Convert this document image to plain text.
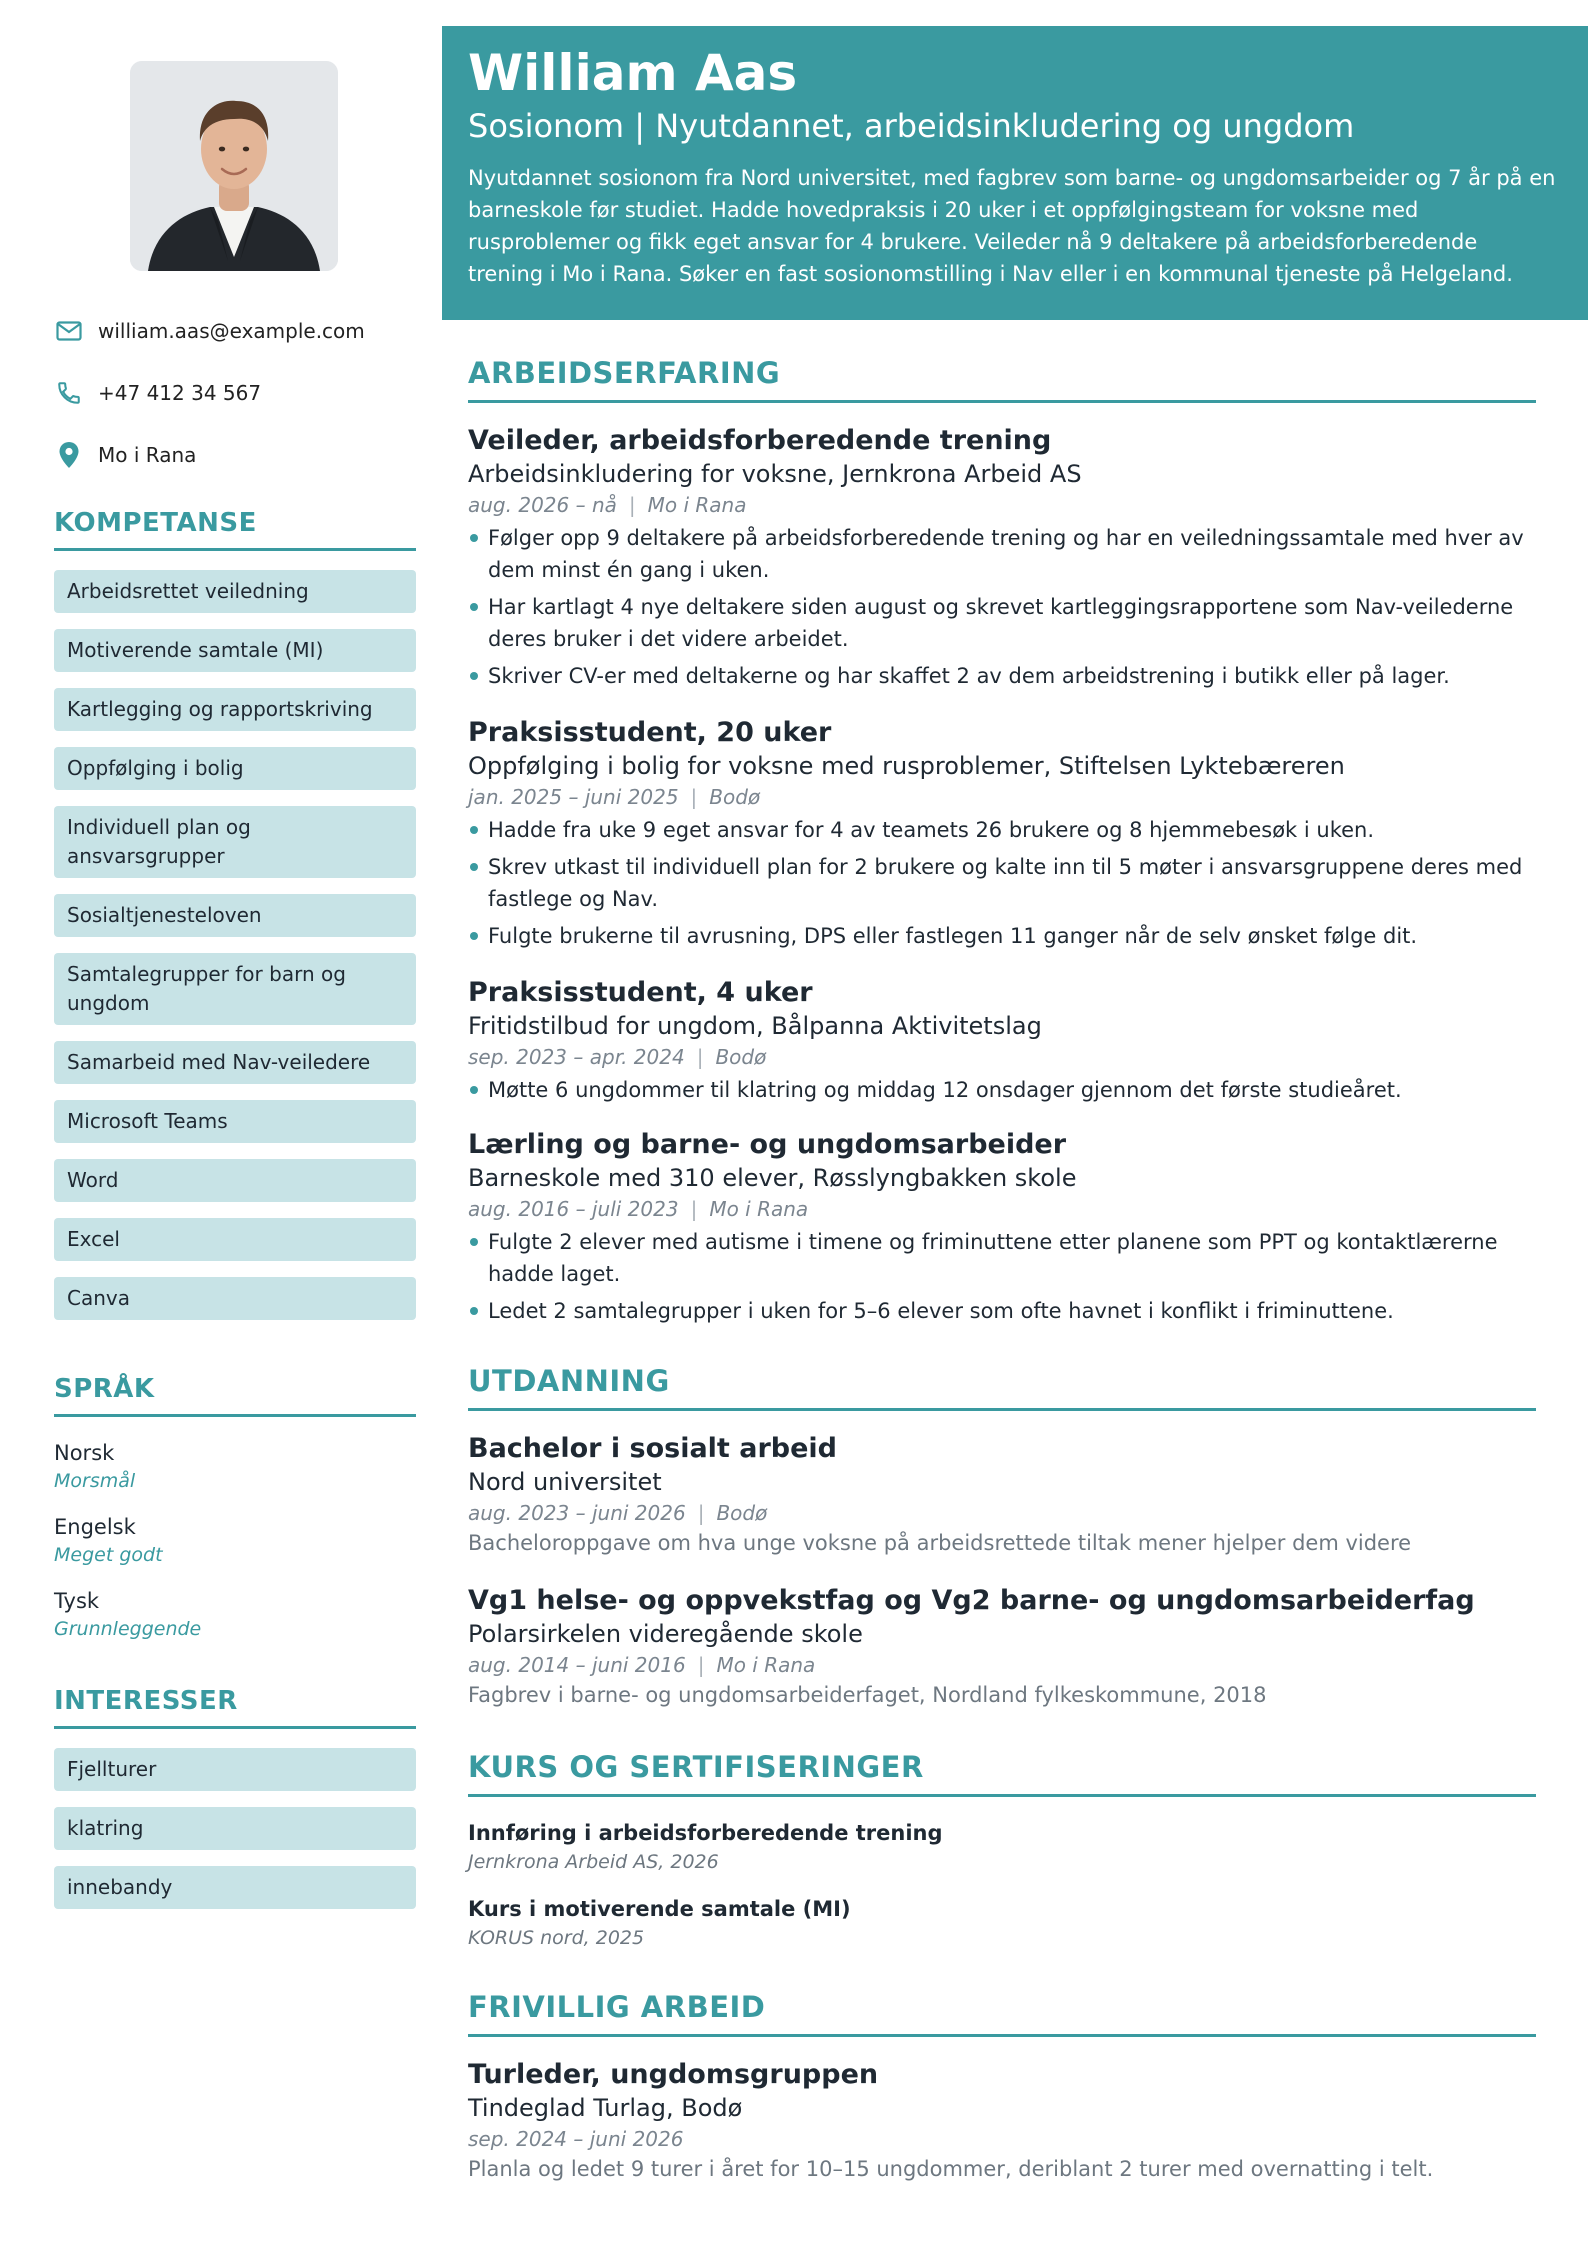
william.aas@example.com
+47 412 34 567
Mo i Rana
KOMPETANSE
Arbeidsrettet veiledning
Motiverende samtale (MI)
Kartlegging og rapportskriving
Oppfølging i bolig
Individuell plan og ansvarsgrupper
Sosialtjenesteloven
Samtalegrupper for barn og ungdom
Samarbeid med Nav-veiledere
Microsoft Teams
Word
Excel
Canva
SPRÅK
Norsk
Morsmål
Engelsk
Meget godt
Tysk
Grunnleggende
INTERESSER
Fjellturer
klatring
innebandy
William Aas
Sosionom | Nyutdannet, arbeidsinkludering og ungdom
Nyutdannet sosionom fra Nord universitet, med fagbrev som barne- og ungdomsarbeider og 7 år på en barneskole før studiet. Hadde hovedpraksis i 20 uker i et oppfølgingsteam for voksne med rusproblemer og fikk eget ansvar for 4 brukere. Veileder nå 9 deltakere på arbeidsforberedende trening i Mo i Rana. Søker en fast sosionomstilling i Nav eller i en kommunal tjeneste på Helgeland.
ARBEIDSERFARING
Veileder, arbeidsforberedende trening
Arbeidsinkludering for voksne, Jernkrona Arbeid AS
aug. 2026 – nå | Mo i Rana
Følger opp 9 deltakere på arbeidsforberedende trening og har en veiledningssamtale med hver av dem minst én gang i uken.
Har kartlagt 4 nye deltakere siden august og skrevet kartleggingsrapportene som Nav-veilederne deres bruker i det videre arbeidet.
Skriver CV-er med deltakerne og har skaffet 2 av dem arbeidstrening i butikk eller på lager.
Praksisstudent, 20 uker
Oppfølging i bolig for voksne med rusproblemer, Stiftelsen Lyktebæreren
jan. 2025 – juni 2025 | Bodø
Hadde fra uke 9 eget ansvar for 4 av teamets 26 brukere og 8 hjemmebesøk i uken.
Skrev utkast til individuell plan for 2 brukere og kalte inn til 5 møter i ansvarsgruppene deres med fastlege og Nav.
Fulgte brukerne til avrusning, DPS eller fastlegen 11 ganger når de selv ønsket følge dit.
Praksisstudent, 4 uker
Fritidstilbud for ungdom, Bålpanna Aktivitetslag
sep. 2023 – apr. 2024 | Bodø
Møtte 6 ungdommer til klatring og middag 12 onsdager gjennom det første studieåret.
Lærling og barne- og ungdomsarbeider
Barneskole med 310 elever, Røsslyngbakken skole
aug. 2016 – juli 2023 | Mo i Rana
Fulgte 2 elever med autisme i timene og friminuttene etter planene som PPT og kontaktlærerne hadde laget.
Ledet 2 samtalegrupper i uken for 5–6 elever som ofte havnet i konflikt i friminuttene.
UTDANNING
Bachelor i sosialt arbeid
Nord universitet
aug. 2023 – juni 2026 | Bodø
Bacheloroppgave om hva unge voksne på arbeidsrettede tiltak mener hjelper dem videre
Vg1 helse- og oppvekstfag og Vg2 barne- og ungdomsarbeiderfag
Polarsirkelen videregående skole
aug. 2014 – juni 2016 | Mo i Rana
Fagbrev i barne- og ungdomsarbeiderfaget, Nordland fylkeskommune, 2018
KURS OG SERTIFISERINGER
Innføring i arbeidsforberedende trening
Jernkrona Arbeid AS, 2026
Kurs i motiverende samtale (MI)
KORUS nord, 2025
FRIVILLIG ARBEID
Turleder, ungdomsgruppen
Tindeglad Turlag, Bodø
sep. 2024 – juni 2026
Planla og ledet 9 turer i året for 10–15 ungdommer, deriblant 2 turer med overnatting i telt.
